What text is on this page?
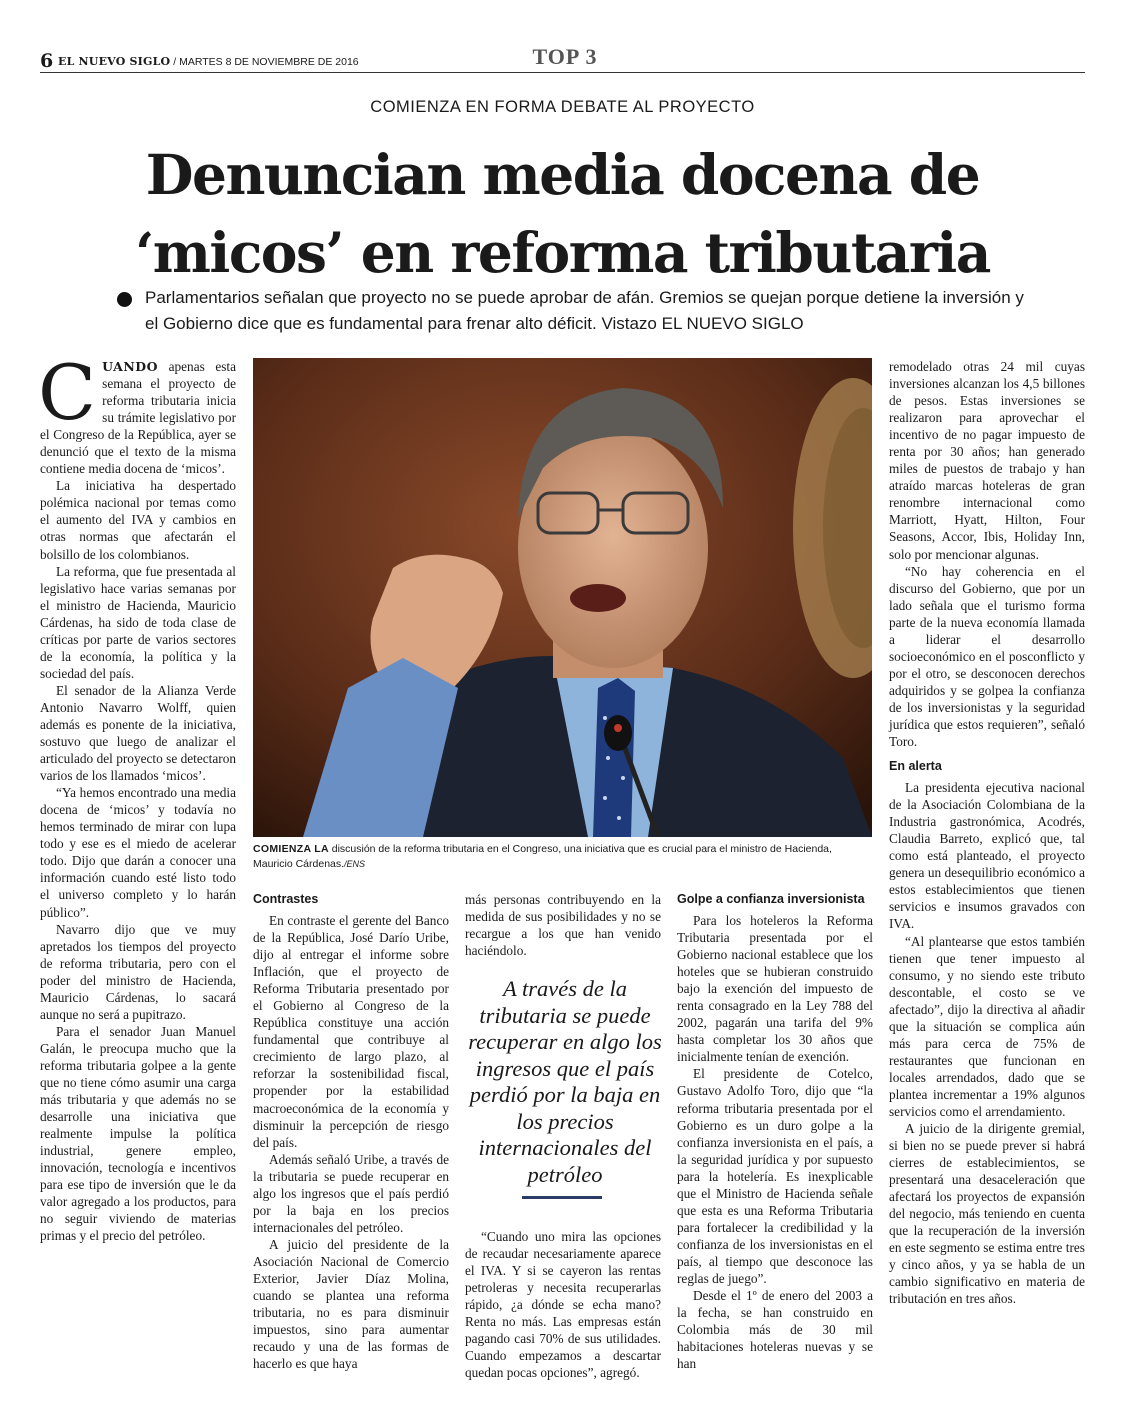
6 EL NUEVO SIGLO / MARTES 8 DE NOVIEMBRE DE 2016	TOP 3
COMIENZA EN FORMA DEBATE AL PROYECTO
Denuncian media docena de
‘micos’ en reforma tributaria
Parlamentarios señalan que proyecto no se puede aprobar de afán. Gremios se quejan porque detiene la inversión y el Gobierno dice que es fundamental para frenar alto déficit. Vistazo EL NUEVO SIGLO

CUANDO apenas esta semana el proyecto de reforma tributaria inicia su trámite legislativo por el Congreso de la República, ayer se denunció que el texto de la misma contiene media docena de ‘micos’.

La iniciativa ha despertado polémica nacional por temas como el aumento del IVA y cambios en otras normas que afectarán el bolsillo de los colombianos.

La reforma, que fue presentada al legislativo hace varias semanas por el ministro de Hacienda, Mauricio Cárdenas, ha sido de toda clase de críticas por parte de varios sectores de la economía, la política y la sociedad del país.

El senador de la Alianza Verde Antonio Navarro Wolff, quien además es ponente de la iniciativa, sostuvo que luego de analizar el articulado del proyecto se detectaron varios de los llamados ‘micos’.

“Ya hemos encontrado una media docena de ‘micos’ y todavía no hemos terminado de mirar con lupa todo y ese es el miedo de acelerar todo. Dijo que darán a conocer una información cuando esté listo todo el universo completo y lo harán público”.

Navarro dijo que ve muy apretados los tiempos del proyecto de reforma tributaria, pero con el poder del ministro de Hacienda, Mauricio Cárdenas, lo sacará aunque no será a pupitrazo.

Para el senador Juan Manuel Galán, le preocupa mucho que la reforma tributaria golpee a la gente que no tiene cómo asumir una carga más tributaria y que además no se desarrolle una iniciativa que realmente impulse la política industrial, genere empleo, innovación, tecnología e incentivos para ese tipo de inversión que le da valor agregado a los productos, para no seguir viviendo de materias primas y el precio del petróleo.

COMIENZA LA discusión de la reforma tributaria en el Congreso, una iniciativa que es crucial para el ministro de Hacienda, Mauricio Cárdenas./ENS
Contrastes

En contraste el gerente del Banco de la República, José Darío Uribe, dijo al entregar el informe sobre Inflación, que el proyecto de Reforma Tributaria presentado por el Gobierno al Congreso de la República constituye una acción fundamental que contribuye al crecimiento de largo plazo, al reforzar la sostenibilidad fiscal, propender por la estabilidad macroeconómica de la economía y disminuir la percepción de riesgo del país.

Además señaló Uribe, a través de la tributaria se puede recuperar en algo los ingresos que el país perdió por la baja en los precios internacionales del petróleo.

A juicio del presidente de la Asociación Nacional de Comercio Exterior, Javier Díaz Molina, cuando se plantea una reforma tributaria, no es para disminuir impuestos, sino para aumentar recaudo y una de las formas de hacerlo es que haya

más personas contribuyendo en la medida de sus posibilidades y no se recargue a los que han venido haciéndolo.

A través de la tributaria se puede recuperar en algo los ingresos que el país perdió por la baja en los precios internacionales del petróleo

“Cuando uno mira las opciones de recaudar necesariamente aparece el IVA. Y si se cayeron las rentas petroleras y necesita recuperarlas rápido, ¿a dónde se echa mano? Renta no más. Las empresas están pagando casi 70% de sus utilidades. Cuando empezamos a descartar quedan pocas opciones”, agregó.

Golpe a confianza inversionista

Para los hoteleros la Reforma Tributaria presentada por el Gobierno nacional establece que los hoteles que se hubieran construido bajo la exención del impuesto de renta consagrado en la Ley 788 del 2002, pagarán una tarifa del 9% hasta completar los 30 años que inicialmente tenían de exención.

El presidente de Cotelco, Gustavo Adolfo Toro, dijo que “la reforma tributaria presentada por el Gobierno es un duro golpe a la confianza inversionista en el país, a la seguridad jurídica y por supuesto para la hotelería. Es inexplicable que el Ministro de Hacienda señale que esta es una Reforma Tributaria para fortalecer la credibilidad y la confianza de los inversionistas en el país, al tiempo que desconoce las reglas de juego”.

Desde el 1º de enero del 2003 a la fecha, se han construido en Colombia más de 30 mil habitaciones hoteleras nuevas y se han

remodelado otras 24 mil cuyas inversiones alcanzan los 4,5 billones de pesos. Estas inversiones se realizaron para aprovechar el incentivo de no pagar impuesto de renta por 30 años; han generado miles de puestos de trabajo y han atraído marcas hoteleras de gran renombre internacional como Marriott, Hyatt, Hilton, Four Seasons, Accor, Ibis, Holiday Inn, solo por mencionar algunas.

“No hay coherencia en el discurso del Gobierno, que por un lado señala que el turismo forma parte de la nueva economía llamada a liderar el desarrollo socioeconómico en el posconflicto y por el otro, se desconocen derechos adquiridos y se golpea la confianza de los inversionistas y la seguridad jurídica que estos requieren”, señaló Toro.

En alerta

La presidenta ejecutiva nacional de la Asociación Colombiana de la Industria gastronómica, Acodrés, Claudia Barreto, explicó que, tal como está planteado, el proyecto genera un desequilibrio económico a estos establecimientos que tienen servicios e insumos gravados con IVA.

“Al plantearse que estos también tienen que tener impuesto al consumo, y no siendo este tributo descontable, el costo se ve afectado”, dijo la directiva al añadir que la situación se complica aún más para cerca de 75% de restaurantes que funcionan en locales arrendados, dado que se plantea incrementar a 19% algunos servicios como el arrendamiento.

A juicio de la dirigente gremial, si bien no se puede prever si habrá cierres de establecimientos, se presentará una desaceleración que afectará los proyectos de expansión del negocio, más teniendo en cuenta que la recuperación de la inversión en este segmento se estima entre tres y cinco años, y ya se habla de un cambio significativo en materia de tributación en tres años.
